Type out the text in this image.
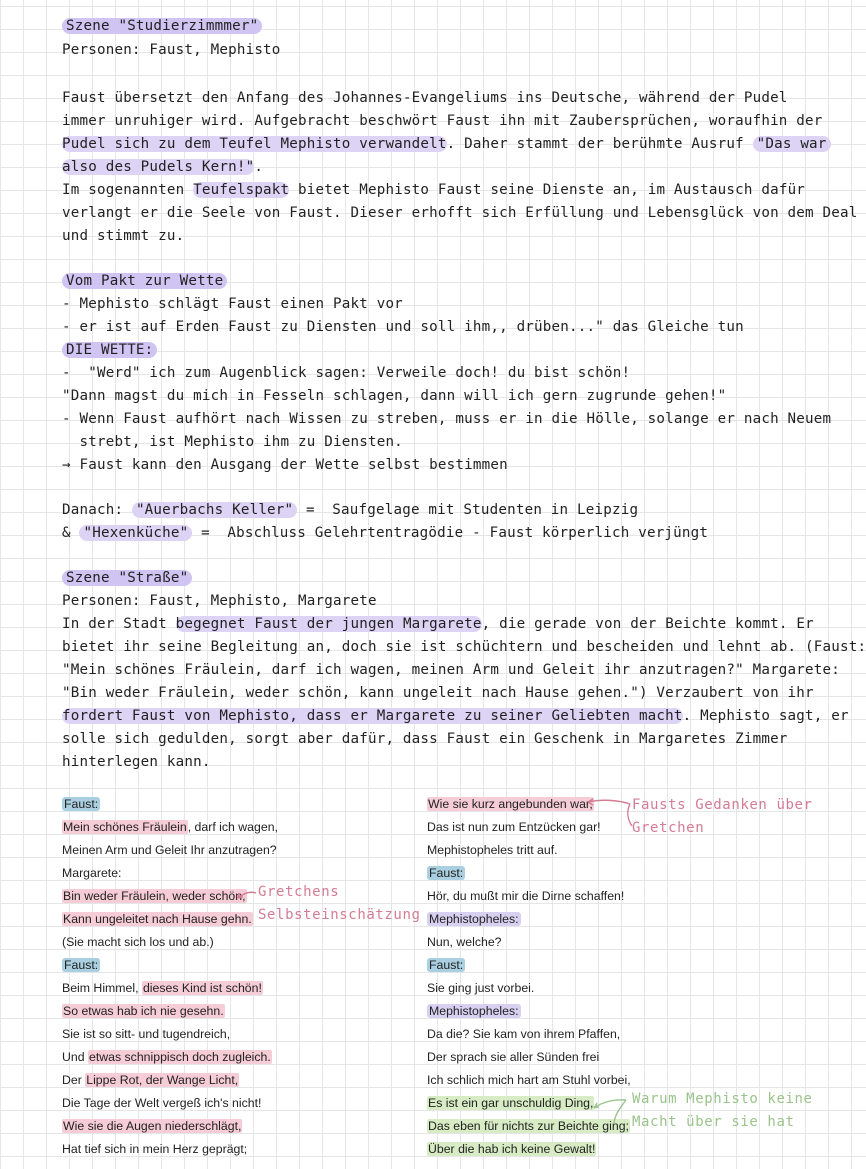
Szene "Studierzimmmer"
Personen: Faust, Mephisto
Faust übersetzt den Anfang des Johannes-Evangeliums ins Deutsche, während der Pudel
immer unruhiger wird. Aufgebracht beschwört Faust ihn mit Zaubersprüchen, woraufhin der
Pudel sich zu dem Teufel Mephisto verwandelt. Daher stammt der berühmte Ausruf "Das war
also des Pudels Kern!".
Im sogenannten Teufelspakt bietet Mephisto Faust seine Dienste an, im Austausch dafür
verlangt er die Seele von Faust. Dieser erhofft sich Erfüllung und Lebensglück von dem Deal
und stimmt zu.
Vom Pakt zur Wette
- Mephisto schlägt Faust einen Pakt vor
- er ist auf Erden Faust zu Diensten und soll ihm,, drüben..." das Gleiche tun
DIE WETTE:
-  "Werd" ich zum Augenblick sagen: Verweile doch! du bist schön!
"Dann magst du mich in Fesseln schlagen, dann will ich gern zugrunde gehen!"
- Wenn Faust aufhört nach Wissen zu streben, muss er in die Hölle, solange er nach Neuem
strebt, ist Mephisto ihm zu Diensten.
→ Faust kann den Ausgang der Wette selbst bestimmen
Danach: "Auerbachs Keller" =  Saufgelage mit Studenten in Leipzig
& "Hexenküche" =  Abschluss Gelehrtentragödie - Faust körperlich verjüngt
Szene "Straße"
Personen: Faust, Mephisto, Margarete
In der Stadt begegnet Faust der jungen Margarete, die gerade von der Beichte kommt. Er
bietet ihr seine Begleitung an, doch sie ist schüchtern und bescheiden und lehnt ab. (Faust:
"Mein schönes Fräulein, darf ich wagen, meinen Arm und Geleit ihr anzutragen?" Margarete:
"Bin weder Fräulein, weder schön, kann ungeleit nach Hause gehen.") Verzaubert von ihr
fordert Faust von Mephisto, dass er Margarete zu seiner Geliebten macht. Mephisto sagt, er
solle sich gedulden, sorgt aber dafür, dass Faust ein Geschenk in Margaretes Zimmer
hinterlegen kann.
Faust:
Mein schönes Fräulein, darf ich wagen,
Meinen Arm und Geleit Ihr anzutragen?
Margarete:
Bin weder Fräulein, weder schön,
Kann ungeleitet nach Hause gehn.
(Sie macht sich los und ab.)
Faust:
Beim Himmel, dieses Kind ist schön!
So etwas hab ich nie gesehn.
Sie ist so sitt- und tugendreich,
Und etwas schnippisch doch zugleich.
Der Lippe Rot, der Wange Licht,
Die Tage der Welt vergeß ich's nicht!
Wie sie die Augen niederschlägt,
Hat tief sich in mein Herz geprägt;
Gretchens
Selbsteinschätzung
Wie sie kurz angebunden war,
Das ist nun zum Entzücken gar!
Mephistopheles tritt auf.
Faust:
Hör, du mußt mir die Dirne schaffen!
Mephistopheles:
Nun, welche?
Faust:
Sie ging just vorbei.
Mephistopheles:
Da die? Sie kam von ihrem Pfaffen,
Der sprach sie aller Sünden frei
Ich schlich mich hart am Stuhl vorbei,
Es ist ein gar unschuldig Ding,
Das eben für nichts zur Beichte ging;
Über die hab ich keine Gewalt!
Fausts Gedanken über
Gretchen
Warum Mephisto keine
Macht über sie hat
